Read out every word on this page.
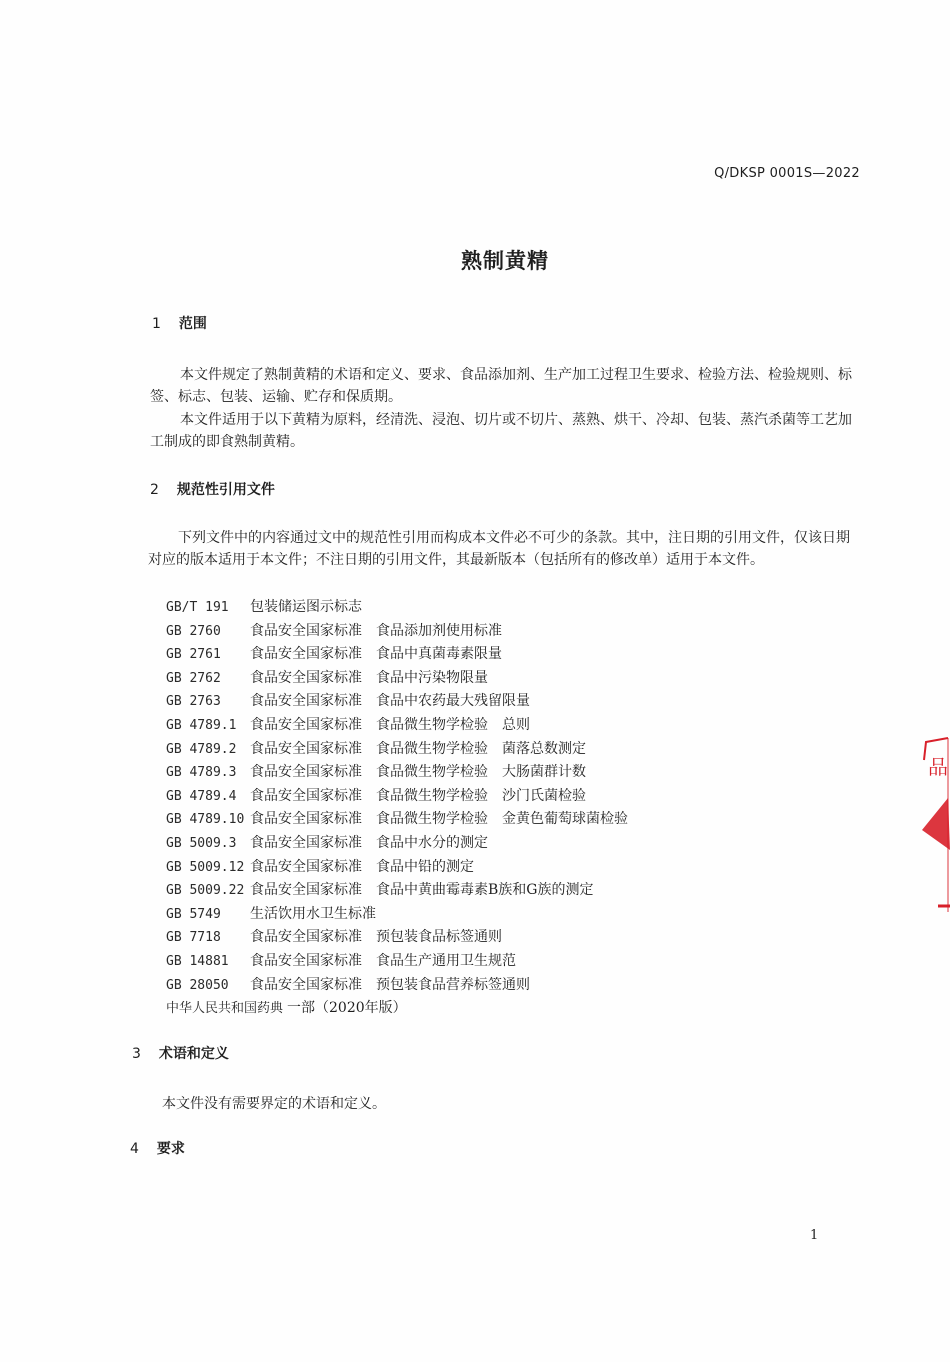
Q/DKSP 0001S—2022
熟制黄精
1 范围
本文件规定了熟制黄精的术语和定义、要求、食品添加剂、生产加工过程卫生要求、检验方法、检验规则、标签、标志、包装、运输、贮存和保质期。
本文件适用于以下黄精为原料，经清洗、浸泡、切片或不切片、蒸熟、烘干、冷却、包装、蒸汽杀菌等工艺加工制成的即食熟制黄精。
2 规范性引用文件
下列文件中的内容通过文中的规范性引用而构成本文件必不可少的条款。其中，注日期的引用文件，仅该日期对应的版本适用于本文件；不注日期的引用文件，其最新版本（包括所有的修改单）适用于本文件。
GB/T 191 包装储运图示标志
GB 2760 食品安全国家标准 食品添加剂使用标准
GB 2761 食品安全国家标准 食品中真菌毒素限量
GB 2762 食品安全国家标准 食品中污染物限量
GB 2763 食品安全国家标准 食品中农药最大残留限量
GB 4789.1 食品安全国家标准 食品微生物学检验 总则
GB 4789.2 食品安全国家标准 食品微生物学检验 菌落总数测定
GB 4789.3 食品安全国家标准 食品微生物学检验 大肠菌群计数
GB 4789.4 食品安全国家标准 食品微生物学检验 沙门氏菌检验
GB 4789.10 食品安全国家标准 食品微生物学检验 金黄色葡萄球菌检验
GB 5009.3 食品安全国家标准 食品中水分的测定
GB 5009.12 食品安全国家标准 食品中铅的测定
GB 5009.22 食品安全国家标准 食品中黄曲霉毒素B族和G族的测定
GB 5749 生活饮用水卫生标准
GB 7718 食品安全国家标准 预包装食品标签通则
GB 14881 食品安全国家标准 食品生产通用卫生规范
GB 28050 食品安全国家标准 预包装食品营养标签通则
中华人民共和国药典 一部（2020年版）
3 术语和定义
本文件没有需要界定的术语和定义。
4 要求
1
品
